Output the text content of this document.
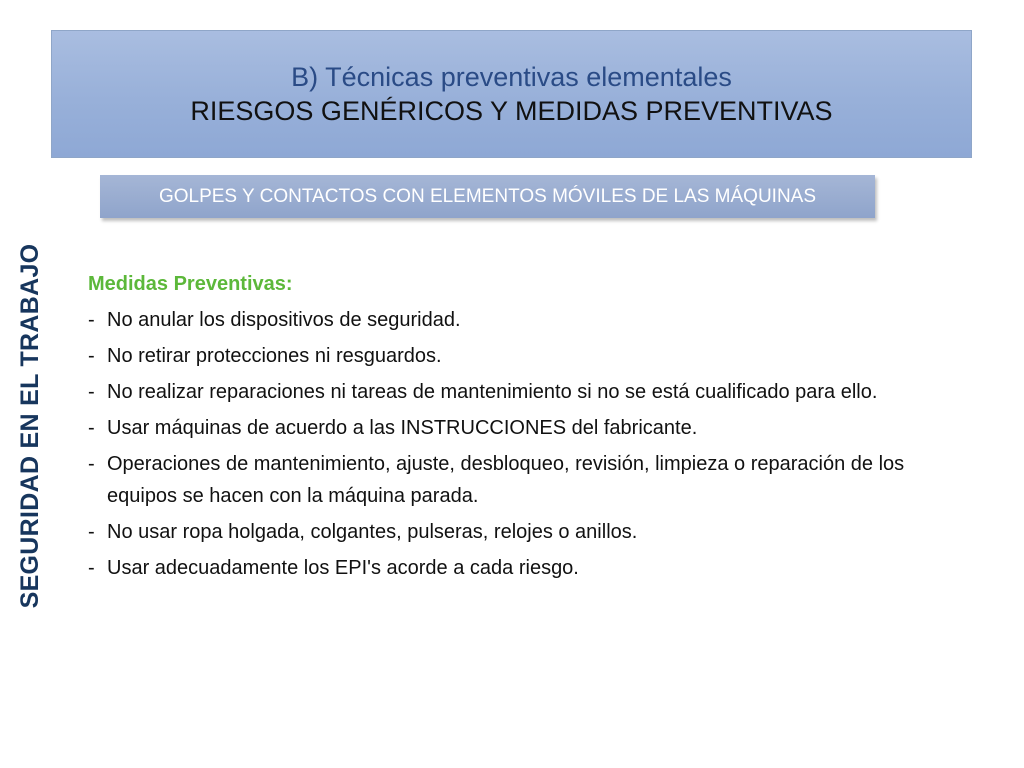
B) Técnicas preventivas elementales
RIESGOS GENÉRICOS Y MEDIDAS PREVENTIVAS
GOLPES Y CONTACTOS CON ELEMENTOS MÓVILES DE LAS MÁQUINAS
SEGURIDAD EN EL TRABAJO Medidas Preventivas:
- No anular los dispositivos de seguridad.
- No retirar protecciones ni resguardos.
- No realizar reparaciones ni tareas de mantenimiento si no se está cualificado para ello.
- Usar máquinas de acuerdo a las INSTRUCCIONES del fabricante.
- Operaciones de mantenimiento, ajuste, desbloqueo, revisión, limpieza o reparación de los equipos se hacen con la máquina parada.
- No usar ropa holgada, colgantes, pulseras, relojes o anillos.
- Usar adecuadamente los EPI's acorde a cada riesgo.
